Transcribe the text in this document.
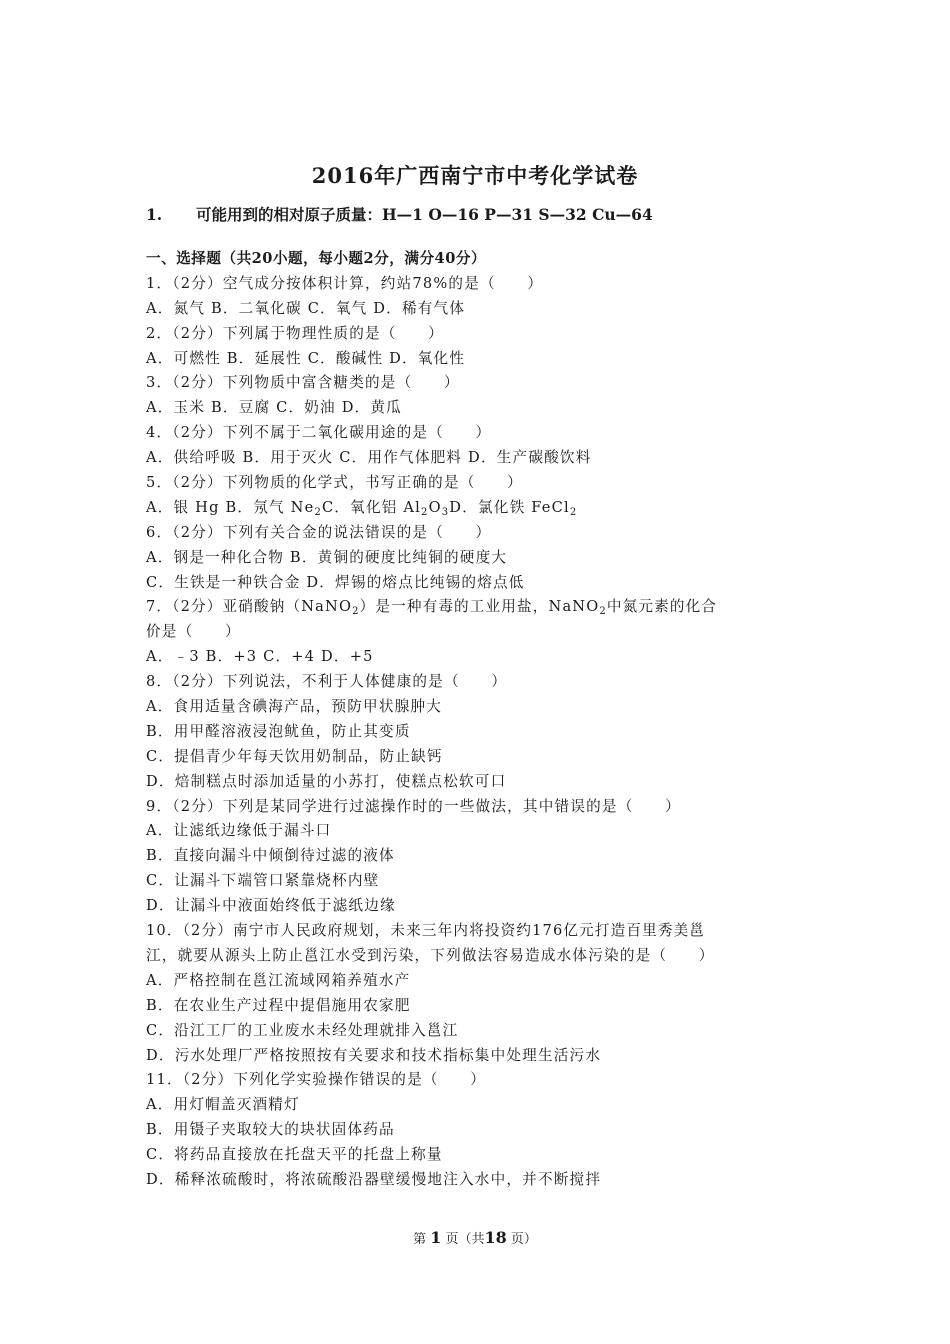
2016年广西南宁市中考化学试卷
1. 可能用到的相对原子质量：H—1 O—16 P—31 S—32 Cu—64
一、选择题（共20小题，每小题2分，满分40分）
1．（2分）空气成分按体积计算，约站78%的是（　　）
A．氮气 B．二氧化碳 C．氧气 D．稀有气体
2．（2分）下列属于物理性质的是（　　）
A．可燃性 B．延展性 C．酸碱性 D．氧化性
3．（2分）下列物质中富含糖类的是（　　）
A．玉米 B．豆腐 C．奶油 D．黄瓜
4．（2分）下列不属于二氧化碳用途的是（　　）
A．供给呼吸 B．用于灭火 C．用作气体肥料 D．生产碳酸饮料
5．（2分）下列物质的化学式，书写正确的是（　　）
A．银 Hg B．氖气 $Ne_2C$．氧化铝 $Al_2O_3D$．氯化铁 FeCl$_2$
6．（2分）下列有关合金的说法错误的是（　　）
A．钢是一种化合物 B．黄铜的硬度比纯铜的硬度大
C．生铁是一种铁合金 D．焊锡的熔点比纯锡的熔点低
7．（2分）亚硝酸钠（NaNO$_2$）是一种有毒的工业用盐，NaNO$_2$中氮元素的化合
价是（　　）
A．﹣3 B．+3 C．+4 D．+5
8．（2分）下列说法，不利于人体健康的是（　　）
A．食用适量含碘海产品，预防甲状腺肿大
B．用甲醛溶液浸泡鱿鱼，防止其变质
C．提倡青少年每天饮用奶制品，防止缺钙
D．焙制糕点时添加适量的小苏打，使糕点松软可口
9．（2分）下列是某同学进行过滤操作时的一些做法，其中错误的是（　　）
A．让滤纸边缘低于漏斗口
B．直接向漏斗中倾倒待过滤的液体
C．让漏斗下端管口紧靠烧杯内壁
D．让漏斗中液面始终低于滤纸边缘
10．（2分）南宁市人民政府规划，未来三年内将投资约176亿元打造百里秀美邕
江，就要从源头上防止邕江水受到污染，下列做法容易造成水体污染的是（　　）
A．严格控制在邕江流域网箱养殖水产
B．在农业生产过程中提倡施用农家肥
C．沿江工厂的工业废水未经处理就排入邕江
D．污水处理厂严格按照按有关要求和技术指标集中处理生活污水
11．（2分）下列化学实验操作错误的是（　　）
A．用灯帽盖灭酒精灯
B．用镊子夹取较大的块状固体药品
C．将药品直接放在托盘天平的托盘上称量
D．稀释浓硫酸时，将浓硫酸沿器壁缓慢地注入水中，并不断搅拌
第 1 页（共18 页）
